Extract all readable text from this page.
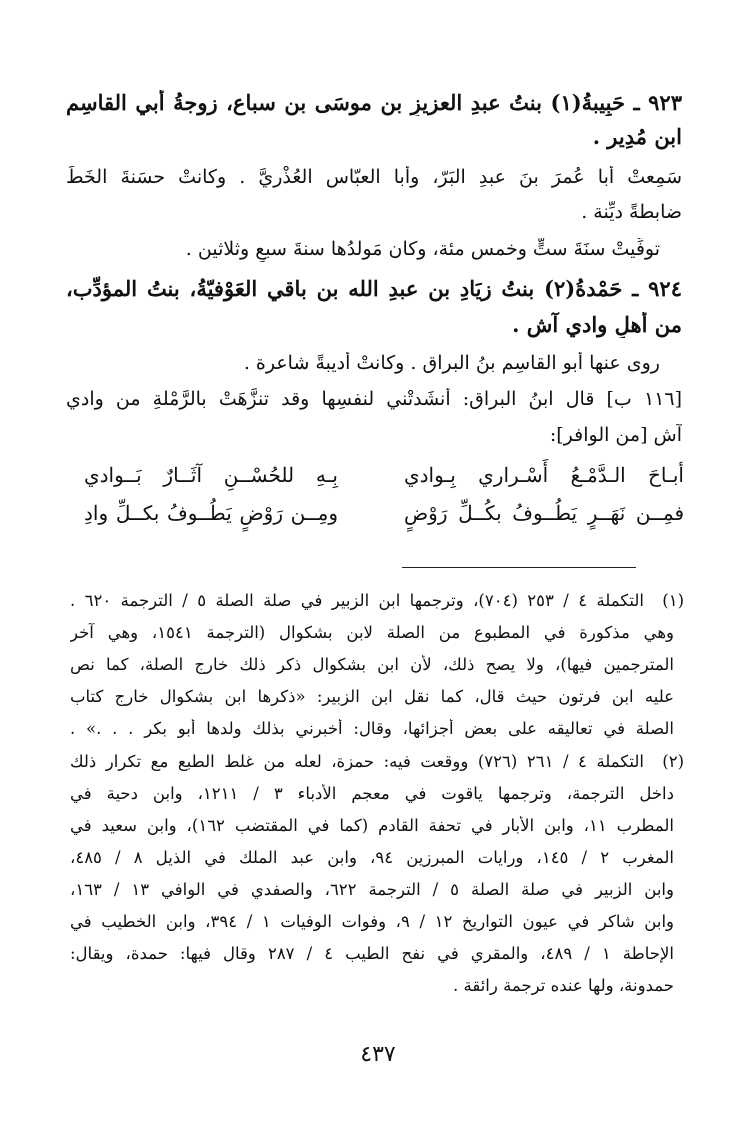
٩٢٣ ـ حَبِيبةُ(١) بنتُ عبدِ العزيزِ بنِ موسَى بنِ سباع، زوجةُ أبي القاسِم
ابنِ مُدِير .
سَمِعتْ أبا عُمرَ بنَ عبدِ البَرّ، وأبا العبّاس العُذْريَّ . وكانتْ حسَنةَ الخَطِّ
ضابطةً ديِّنة .
توفِّيتْ سنَةَ ستٍّ وخمس مئة، وكان مَولدُها سنةَ سبعٍ وثلاثين .
٩٢٤ ـ حَمْدةُ(٢) بنتُ زيَادِ بنِ عبدِ الله بنِ باقي العَوْفيّةُ، بنتُ المؤدِّب،
من أهلِ وادي آش .
روى عنها أبو القاسِم بنُ البراق . وكانتْ أديبةً شاعرة .
[١١٦ ب] قال ابنُ البراق: أنشَدتْني لنفسِها وقد تنزَّهَتْ بالرَّمْلةِ من وادي
آش [من الوافر]:
أبـاحَ الـدَّمْـعُ أَسْـراري بِـوادي
بِـهِ للحُسْــنِ آثَــارٌ بَــوادي
فمِــن نَهَــرٍ يَطُــوفُ بكُــلِّ رَوْضٍ
ومِــن رَوْضٍ يَطُــوفُ بكــلِّ وادِ
(١)
التكملة ٤ / ٢٥٣ (٧٠٤)، وترجمها ابن الزبير في صلة الصلة ٥ / الترجمة ٦٢٠ .
وهي مذكورة في المطبوع من الصلة لابن بشكوال (الترجمة ١٥٤١، وهي آخر
المترجمين فيها)، ولا يصح ذلك، لأن ابن بشكوال ذكر ذلك خارج الصلة، كما نص
عليه ابن فرتون حيث قال، كما نقل ابن الزبير: «ذكرها ابن بشكوال خارج كتاب
الصلة في تعاليقه على بعض أجزائها، وقال: أخبرني بذلك ولدها أبو بكر . . .» .
(٢)
التكملة ٤ / ٢٦١ (٧٢٦) ووقعت فيه: حمزة، لعله من غلط الطبع مع تكرار ذلك
داخل الترجمة، وترجمها ياقوت في معجم الأدباء ٣ / ١٢١١، وابن دحية في
المطرب ١١، وابن الأبار في تحفة القادم (كما في المقتضب ١٦٢)، وابن سعيد في
المغرب ٢ / ١٤٥، ورايات المبرزين ٩٤، وابن عبد الملك في الذيل ٨ / ٤٨٥،
وابن الزبير في صلة الصلة ٥ / الترجمة ٦٢٢، والصفدي في الوافي ١٣ / ١٦٣،
وابن شاكر في عيون التواريخ ١٢ / ٩، وفوات الوفيات ١ / ٣٩٤، وابن الخطيب في
الإحاطة ١ / ٤٨٩، والمقري في نفح الطيب ٤ / ٢٨٧ وقال فيها: حمدة، ويقال:
حمدونة، ولها عنده ترجمة رائقة .
٤٣٧
